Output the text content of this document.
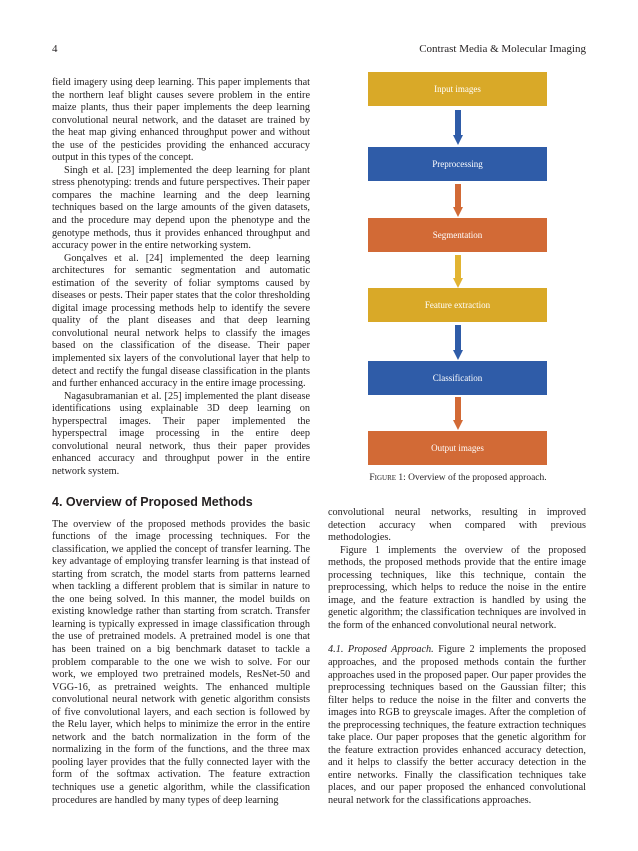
4	Contrast Media & Molecular Imaging

field imagery using deep learning. This paper implements that the northern leaf blight causes severe problem in the entire maize plants, thus their paper implements the deep learning convolutional neural network, and the dataset are trained by the heat map giving enhanced throughput power and without the use of the pesticides providing the enhanced accuracy output in this types of the concept.

Singh et al. [23] implemented the deep learning for plant stress phenotyping: trends and future perspectives. Their paper compares the machine learning and the deep learning techniques based on the large amounts of the given datasets, and the procedure may depend upon the phenotype and the genotype methods, thus it provides enhanced throughput and accuracy power in the entire networking system.

Gonçalves et al. [24] implemented the deep learning architectures for semantic segmentation and automatic estimation of the severity of foliar symptoms caused by diseases or pests. Their paper states that the color thresholding digital image processing methods help to identify the severe quality of the plant diseases and that deep learning convolutional neural network helps to classify the images based on the classification of the disease. Their paper implemented six layers of the convolutional layer that help to detect and rectify the fungal disease classification in the plants and further enhanced accuracy in the entire image processing.

Nagasubramanian et al. [25] implemented the plant disease identifications using explainable 3D deep learning on hyperspectral images. Their paper implemented the hyperspectral image processing in the entire deep convolutional neural network, thus their paper provides enhanced accuracy and throughput power in the entire network system.

4. Overview of Proposed Methods

The overview of the proposed methods provides the basic functions of the image processing techniques. For the classification, we applied the concept of transfer learning. The key advantage of employing transfer learning is that instead of starting from scratch, the model starts from patterns learned when tackling a different problem that is similar in nature to the one being solved. In this manner, the model builds on existing knowledge rather than starting from scratch. Transfer learning is typically expressed in image classification through the use of pretrained models. A pretrained model is one that has been trained on a big benchmark dataset to tackle a problem comparable to the one we wish to solve. For our work, we employed two pretrained models, ResNet-50 and VGG-16, as pretrained weights. The enhanced multiple convolutional neural network with genetic algorithm consists of five convolutional layers, and each section is followed by the Relu layer, which helps to minimize the error in the entire network and the batch normalization in the form of the normalizing in the form of the functions, and the three max pooling layer provides that the fully connected layer with the form of the softmax activation. The feature extraction techniques use a genetic algorithm, while the classification procedures are handled by many types of deep learning

Input images
Preprocessing
Segmentation
Feature extraction
Classification
Output images
Figure 1: Overview of the proposed approach.

convolutional neural networks, resulting in improved detection accuracy when compared with previous methodologies.

Figure 1 implements the overview of the proposed methods, the proposed methods provide that the entire image processing techniques, like this technique, contain the preprocessing, which helps to reduce the noise in the entire image, and the feature extraction is handled by using the genetic algorithm; the classification techniques are involved in the form of the enhanced convolutional neural network.

4.1. Proposed Approach. Figure 2 implements the proposed approaches, and the proposed methods contain the further approaches used in the proposed paper. Our paper provides the preprocessing techniques based on the Gaussian filter; this filter helps to reduce the noise in the filter and converts the images into RGB to greyscale images. After the completion of the preprocessing techniques, the feature extraction techniques take place. Our paper proposes that the genetic algorithm for the feature extraction provides enhanced accuracy detection, and it helps to classify the better accuracy detection in the entire networks. Finally the classification techniques take places, and our paper proposed the enhanced convolutional neural network for the classifications approaches.
